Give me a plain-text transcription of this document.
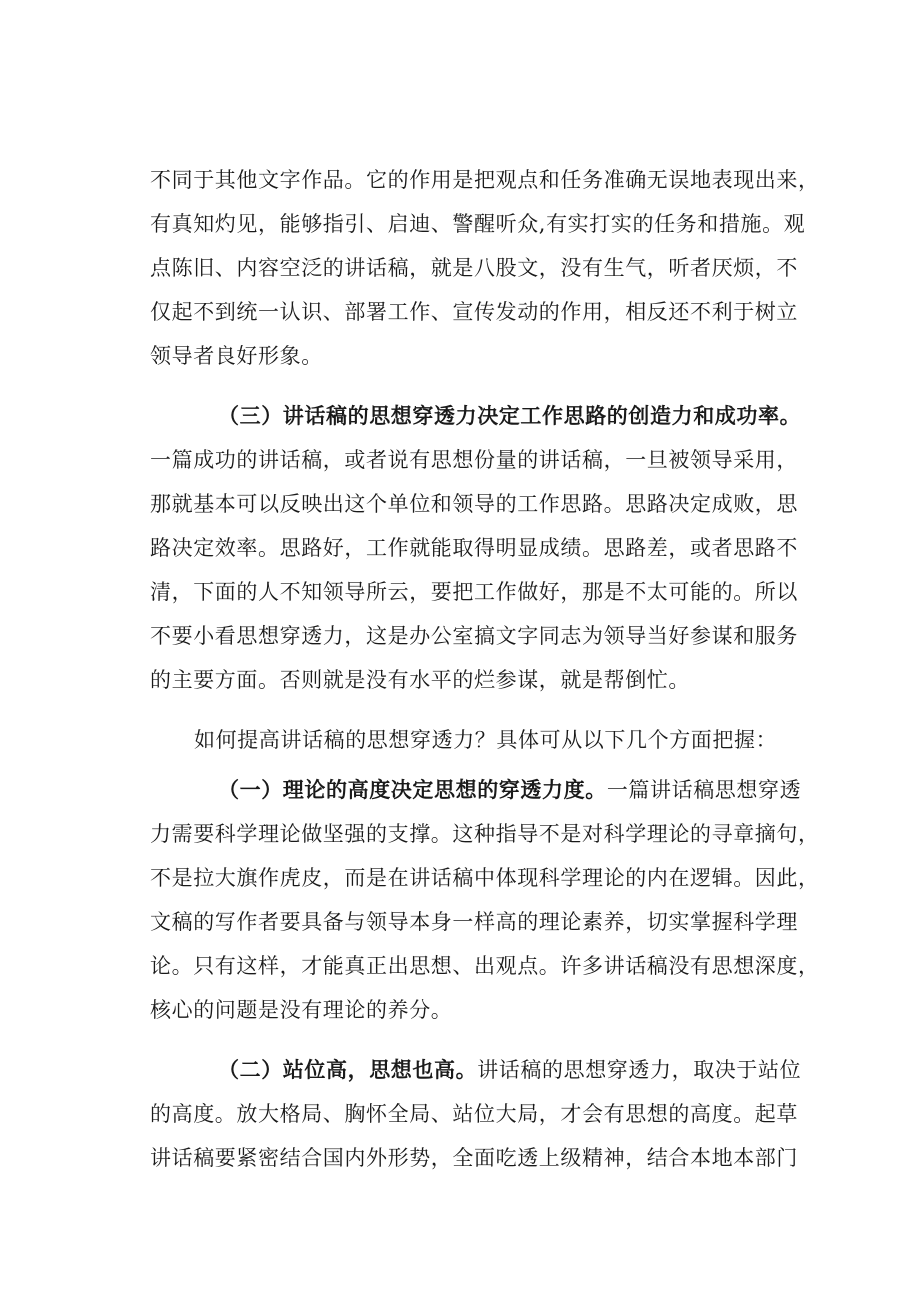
不同于其他文字作品。它的作用是把观点和任务准确无误地表现出来，
有真知灼见，能够指引、启迪、警醒听众,有实打实的任务和措施。观
点陈旧、内容空泛的讲话稿，就是八股文，没有生气，听者厌烦，不
仅起不到统一认识、部署工作、宣传发动的作用，相反还不利于树立
领导者良好形象。
（三）讲话稿的思想穿透力决定工作思路的创造力和成功率。
一篇成功的讲话稿，或者说有思想份量的讲话稿，一旦被领导采用，
那就基本可以反映出这个单位和领导的工作思路。思路决定成败，思
路决定效率。思路好，工作就能取得明显成绩。思路差，或者思路不
清，下面的人不知领导所云，要把工作做好，那是不太可能的。所以
不要小看思想穿透力，这是办公室搞文字同志为领导当好参谋和服务
的主要方面。否则就是没有水平的烂参谋，就是帮倒忙。
如何提高讲话稿的思想穿透力？具体可从以下几个方面把握：
（一）理论的高度决定思想的穿透力度。一篇讲话稿思想穿透
力需要科学理论做坚强的支撑。这种指导不是对科学理论的寻章摘句，
不是拉大旗作虎皮，而是在讲话稿中体现科学理论的内在逻辑。因此，
文稿的写作者要具备与领导本身一样高的理论素养，切实掌握科学理
论。只有这样，才能真正出思想、出观点。许多讲话稿没有思想深度，
核心的问题是没有理论的养分。
（二）站位高，思想也高。讲话稿的思想穿透力，取决于站位
的高度。放大格局、胸怀全局、站位大局，才会有思想的高度。起草
讲话稿要紧密结合国内外形势，全面吃透上级精神，结合本地本部门
